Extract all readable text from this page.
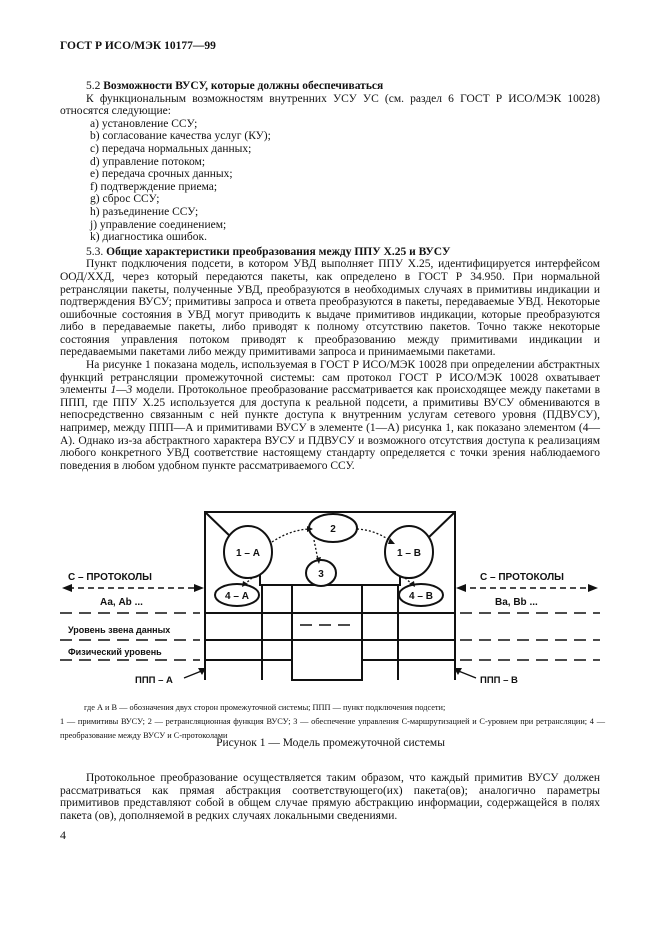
ГОСТ Р ИСО/МЭК 10177—99

5.2 Возможности ВУСУ, которые должны обеспечиваться

К функциональным возможностям внутренних УСУ УС (см. раздел 6 ГОСТ Р ИСО/МЭК 10028) относятся следующие:

a) установление ССУ;
b) согласование качества услуг (КУ);
c) передача нормальных данных;
d) управление потоком;
e) передача срочных данных;
f) подтверждение приема;
g) сброс ССУ;
h) разъединение ССУ;
j) управление соединением;
k) диагностика ошибок.

5.3. Общие характеристики преобразования между ППУ Х.25 и ВУСУ

Пункт подключения подсети, в котором УВД выполняет ППУ Х.25, идентифицируется интерфейсом ООД/ХХД, через который передаются пакеты, как определено в ГОСТ Р 34.950. При нормальной ретрансляции пакеты, полученные УВД, преобразуются в необходимых случаях в примитивы индикации и подтверждения ВУСУ; примитивы запроса и ответа преобразуются в пакеты, передаваемые УВД. Некоторые ошибочные состояния в УВД могут приводить к выдаче примитивов индикации, которые преобразуются либо в передаваемые пакеты, либо приводят к полному отсутствию пакетов. Точно также некоторые состояния управления потоком приводят к преобразованию между примитивами индикации и передаваемыми пакетами либо между примитивами запроса и принимаемыми пакетами.

На рисунке 1 показана модель, используемая в ГОСТ Р ИСО/МЭК 10028 при определении абстрактных функций ретрансляции промежуточной системы: сам протокол ГОСТ Р ИСО/МЭК 10028 охватывает элементы 1—3 модели. Протокольное преобразование рассматривается как происходящее между пакетами в ППП, где ППУ Х.25 используется для доступа к реальной подсети, а примитивы ВУСУ обмениваются в непосредственно связанным с ней пункте доступа к внутренним услугам сетевого уровня (ПДВУСУ), например, между ППП—А и примитивами ВУСУ в элементе (1—А) рисунка 1, как показано элементом (4—А). Однако из-за абстрактного характера ВУСУ и ПДВУСУ и возможного отсутствия доступа к реализациям любого конкретного УВД соответствие настоящему стандарту определяется с точки зрения наблюдаемого поведения в любом удобном пункте рассматриваемого ССУ.

1 – А
2
3
1 – В
4 – А	4 – В
С – ПРОТОКОЛЫ	С – ПРОТОКОЛЫ
Аа, Аb ...	Ва, Вb ...
Уровень звена данных
Физический уровень
ППП – А	ППП – В

где А и В — обозначения двух сторон промежуточной системы; ППП — пункт подключения подсети;

1 — примитивы ВУСУ; 2 — ретрансляционная функция ВУСУ; 3 — обеспечение управления С-маршрутизацией и С-уровнем при ретрансляции; 4 — преобразование между ВУСУ и С-протоколами

Рисунок 1 — Модель промежуточной системы

Протокольное преобразование осуществляется таким образом, что каждый примитив ВУСУ должен рассматриваться как прямая абстракция соответствующего(их) пакета(ов); аналогично параметры примитивов представляют собой в общем случае прямую абстракцию информации, содержащейся в полях пакета (ов), дополняемой в редких случаях локальными сведениями.

4
